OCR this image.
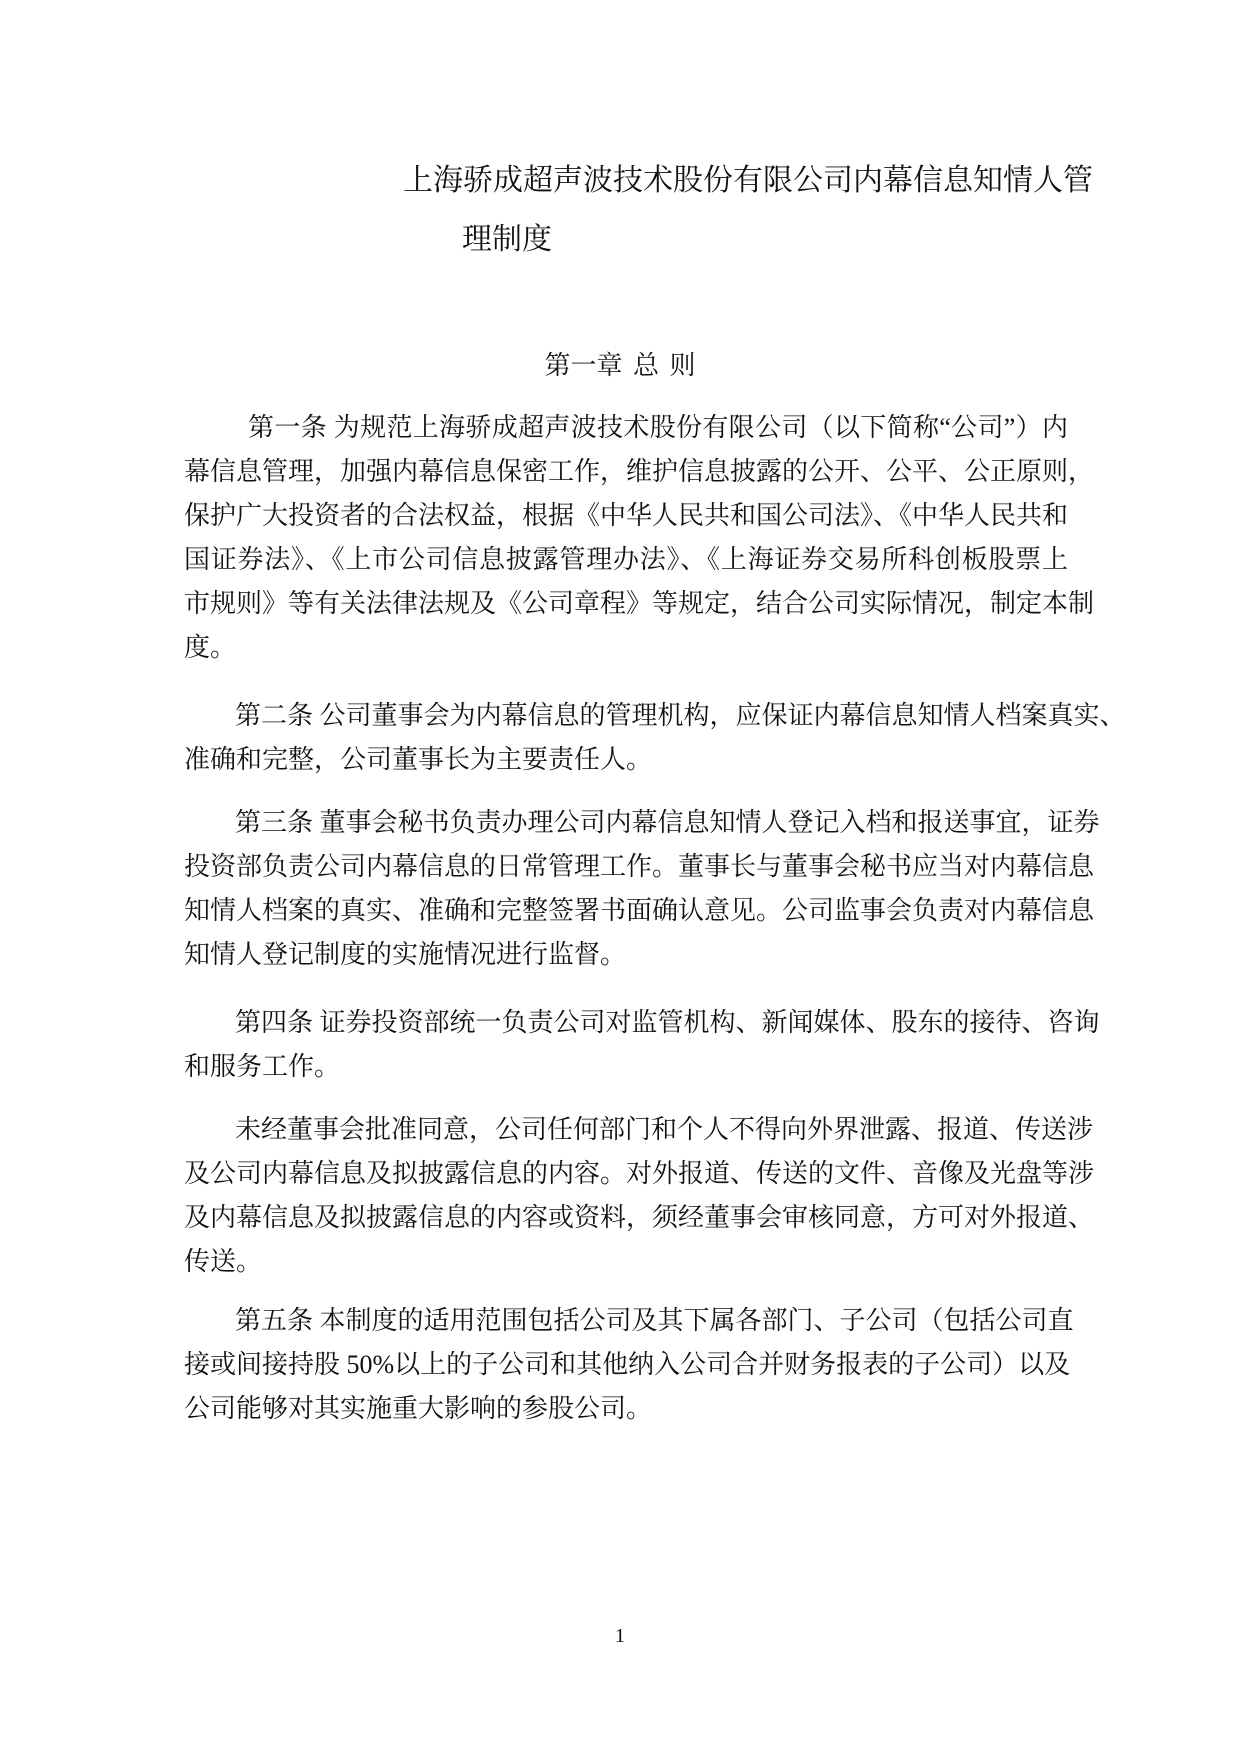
上海骄成超声波技术股份有限公司内幕信息知情人管
理制度
第一章 总 则
第一条 为规范上海骄成超声波技术股份有限公司（以下简称“公司”）内
幕信息管理，加强内幕信息保密工作，维护信息披露的公开、公平、公正原则，
保护广大投资者的合法权益，根据《中华人民共和国公司法》、《中华人民共和
国证券法》、《上市公司信息披露管理办法》、《上海证券交易所科创板股票上
市规则》等有关法律法规及《公司章程》等规定，结合公司实际情况，制定本制
度。
第二条 公司董事会为内幕信息的管理机构，应保证内幕信息知情人档案真实、
准确和完整，公司董事长为主要责任人。
第三条 董事会秘书负责办理公司内幕信息知情人登记入档和报送事宜，证券
投资部负责公司内幕信息的日常管理工作。董事长与董事会秘书应当对内幕信息
知情人档案的真实、准确和完整签署书面确认意见。公司监事会负责对内幕信息
知情人登记制度的实施情况进行监督。
第四条 证券投资部统一负责公司对监管机构、新闻媒体、股东的接待、咨询
和服务工作。
未经董事会批准同意，公司任何部门和个人不得向外界泄露、报道、传送涉
及公司内幕信息及拟披露信息的内容。对外报道、传送的文件、音像及光盘等涉
及内幕信息及拟披露信息的内容或资料，须经董事会审核同意，方可对外报道、
传送。
第五条 本制度的适用范围包括公司及其下属各部门、子公司（包括公司直
接或间接持股 50%以上的子公司和其他纳入公司合并财务报表的子公司）以及
公司能够对其实施重大影响的参股公司。
1
